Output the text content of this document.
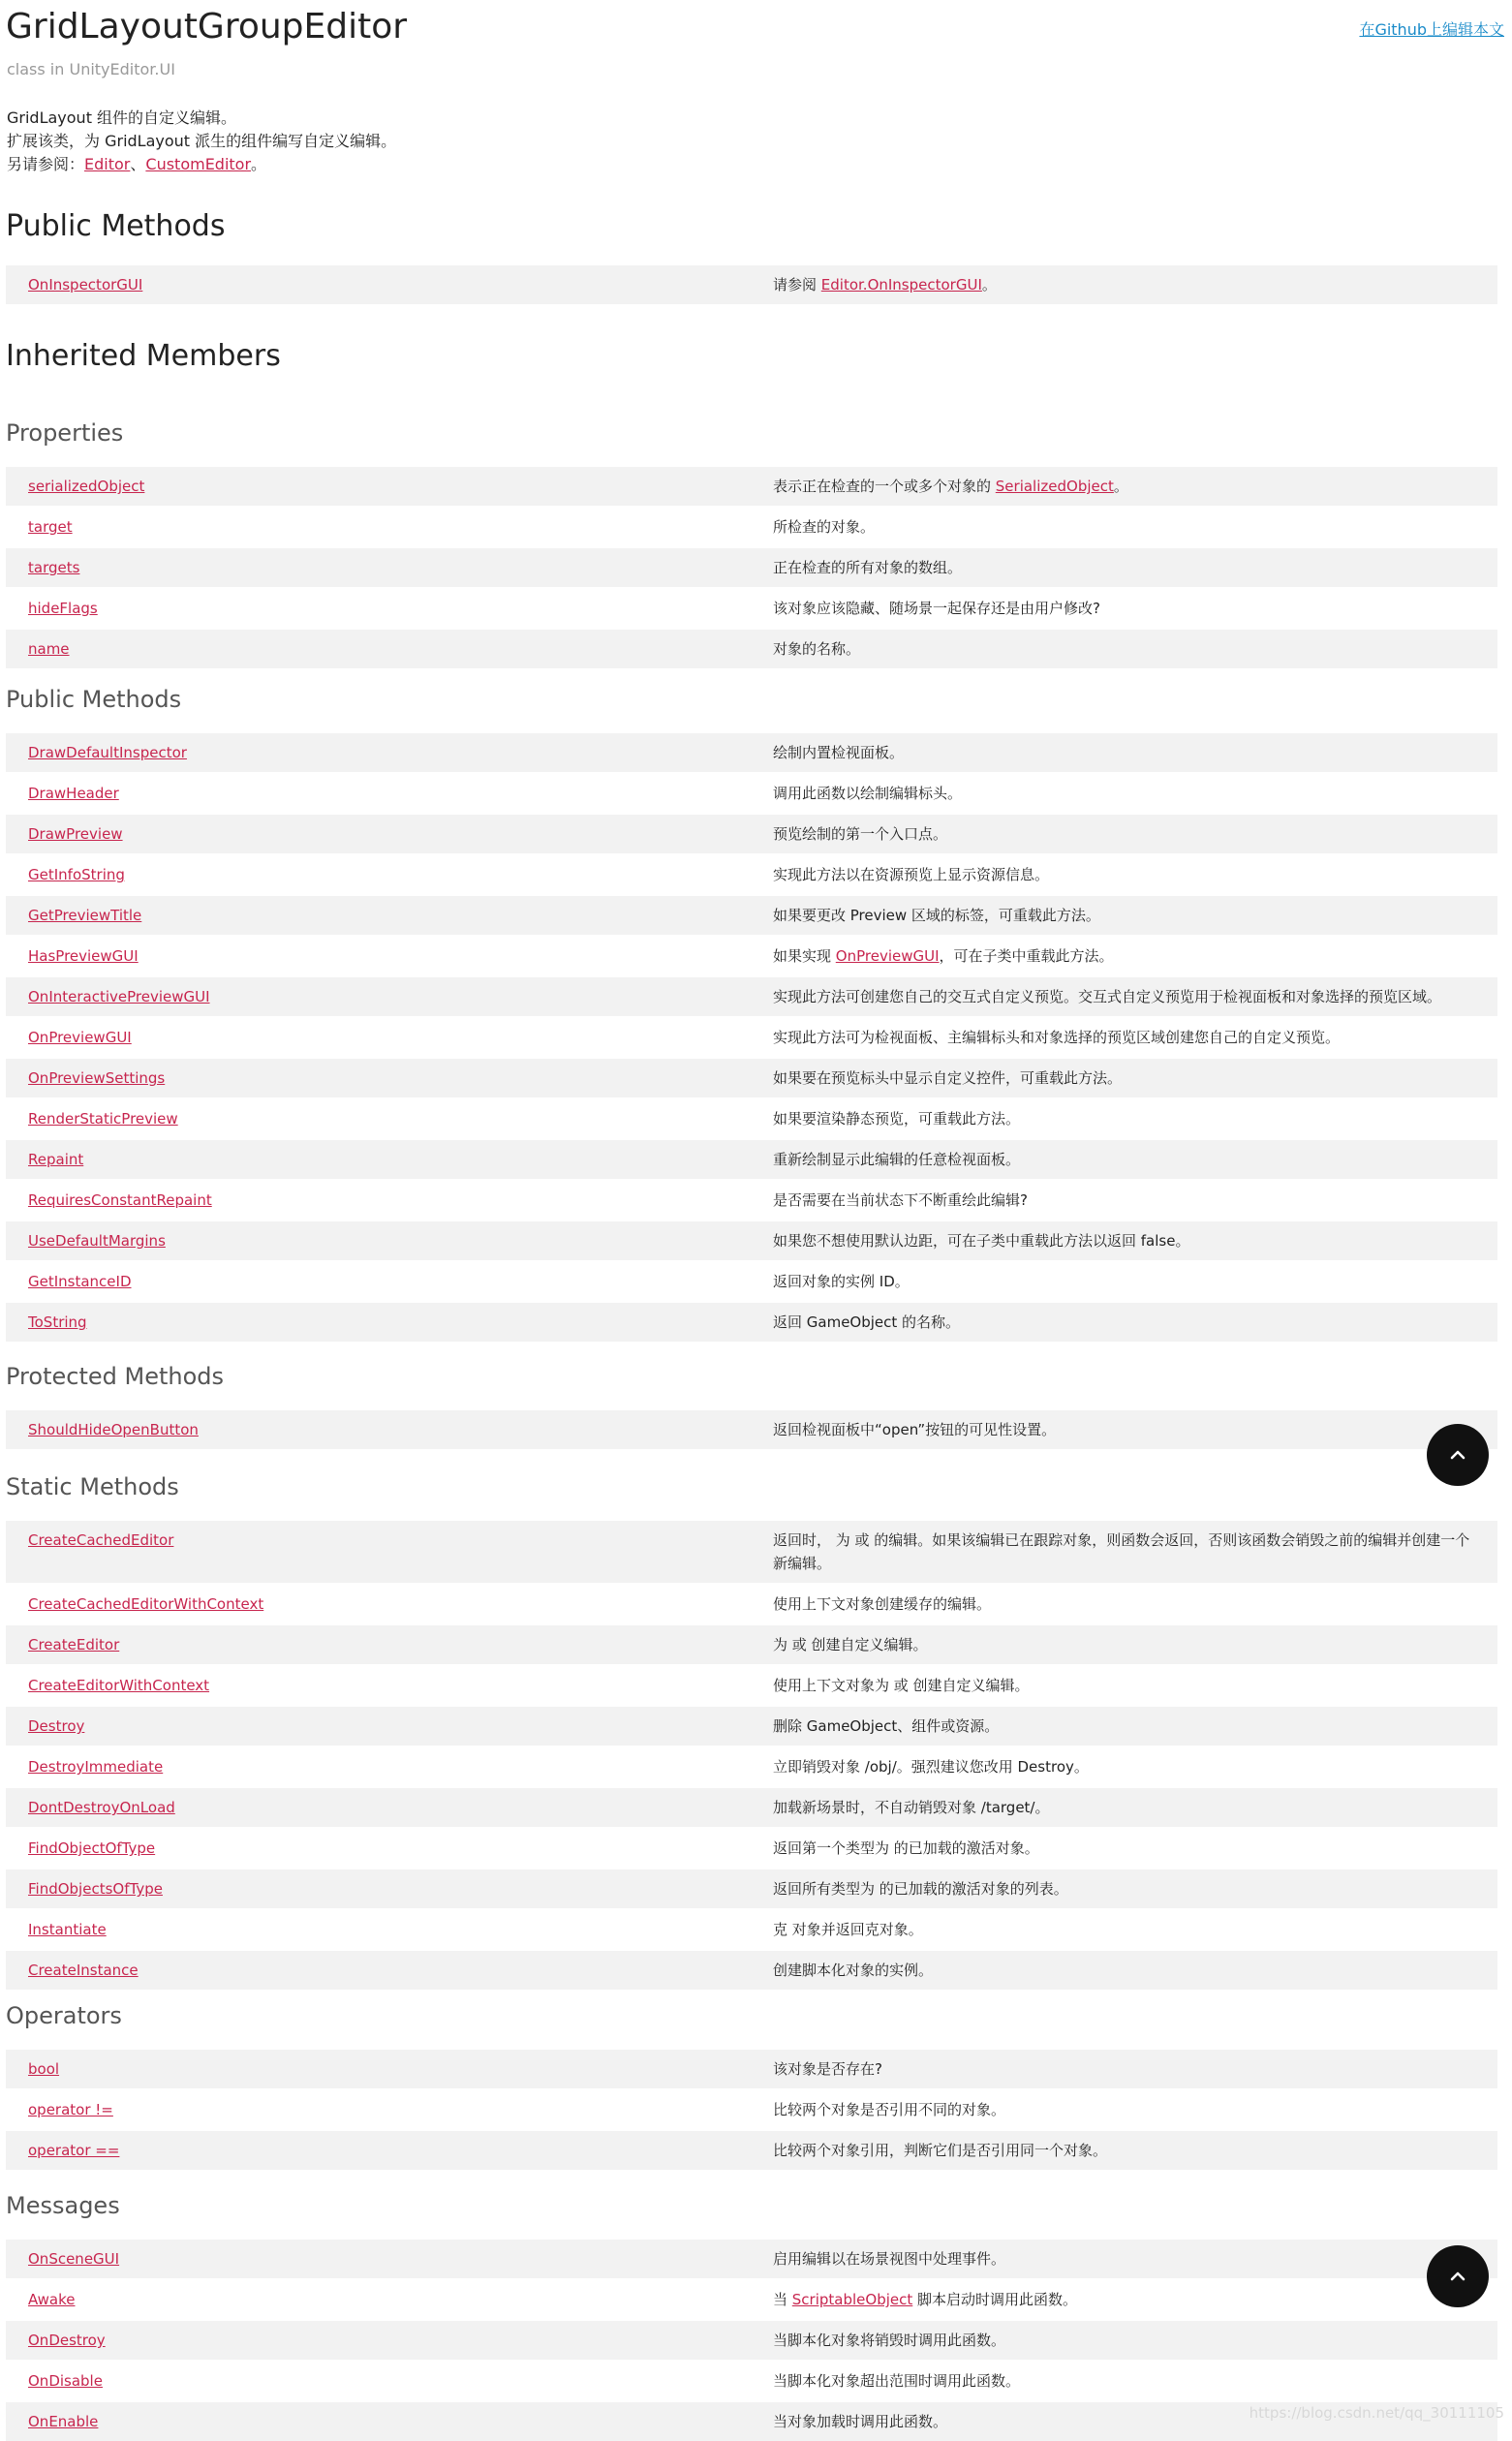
GridLayoutGroupEditor
class in UnityEditor.UI
在Github上编辑本文
GridLayout 组件的自定义编辑。
扩展该类，为 GridLayout 派生的组件编写自定义编辑。
另请参阅：Editor、CustomEditor。
Public Methods
OnInspectorGUI	请参阅 Editor.OnInspectorGUI。
Inherited Members
Properties
serializedObject	表示正在检查的一个或多个对象的 SerializedObject。
target	所检查的对象。
targets	正在检查的所有对象的数组。
hideFlags	该对象应该隐藏、随场景一起保存还是由用户修改?
name	对象的名称。
Public Methods
DrawDefaultInspector	绘制内置检视面板。
DrawHeader	调用此函数以绘制编辑标头。
DrawPreview	预览绘制的第一个入口点。
GetInfoString	实现此方法以在资源预览上显示资源信息。
GetPreviewTitle	如果要更改 Preview 区域的标签，可重载此方法。
HasPreviewGUI	如果实现 OnPreviewGUI，可在子类中重载此方法。
OnInteractivePreviewGUI	实现此方法可创建您自己的交互式自定义预览。交互式自定义预览用于检视面板和对象选择的预览区域。
OnPreviewGUI	实现此方法可为检视面板、主编辑标头和对象选择的预览区域创建您自己的自定义预览。
OnPreviewSettings	如果要在预览标头中显示自定义控件，可重载此方法。
RenderStaticPreview	如果要渲染静态预览，可重载此方法。
Repaint	重新绘制显示此编辑的任意检视面板。
RequiresConstantRepaint	是否需要在当前状态下不断重绘此编辑?
UseDefaultMargins	如果您不想使用默认边距，可在子类中重载此方法以返回 false。
GetInstanceID	返回对象的实例 ID。
ToString	返回 GameObject 的名称。
Protected Methods
ShouldHideOpenButton	返回检视面板中“open”按钮的可见性设置。
Static Methods
CreateCachedEditor	返回时， 为 或 的编辑。如果该编辑已在跟踪对象，则函数会返回，否则该函数会销毁之前的编辑并创建一个新编辑。
CreateCachedEditorWithContext	使用上下文对象创建缓存的编辑。
CreateEditor	为 或 创建自定义编辑。
CreateEditorWithContext	使用上下文对象为 或 创建自定义编辑。
Destroy	删除 GameObject、组件或资源。
DestroyImmediate	立即销毁对象 /obj/。强烈建议您改用 Destroy。
DontDestroyOnLoad	加载新场景时，不自动销毁对象 /target/。
FindObjectOfType	返回第一个类型为 的已加载的激活对象。
FindObjectsOfType	返回所有类型为 的已加载的激活对象的列表。
Instantiate	克 对象并返回克对象。
CreateInstance	创建脚本化对象的实例。
Operators
bool	该对象是否存在?
operator !=	比较两个对象是否引用不同的对象。
operator ==	比较两个对象引用，判断它们是否引用同一个对象。
Messages
OnSceneGUI	启用编辑以在场景视图中处理事件。
Awake	当 ScriptableObject 脚本启动时调用此函数。
OnDestroy	当脚本化对象将销毁时调用此函数。
OnDisable	当脚本化对象超出范围时调用此函数。
OnEnable	当对象加载时调用此函数。	https://blog.csdn.net/qq_30111105
